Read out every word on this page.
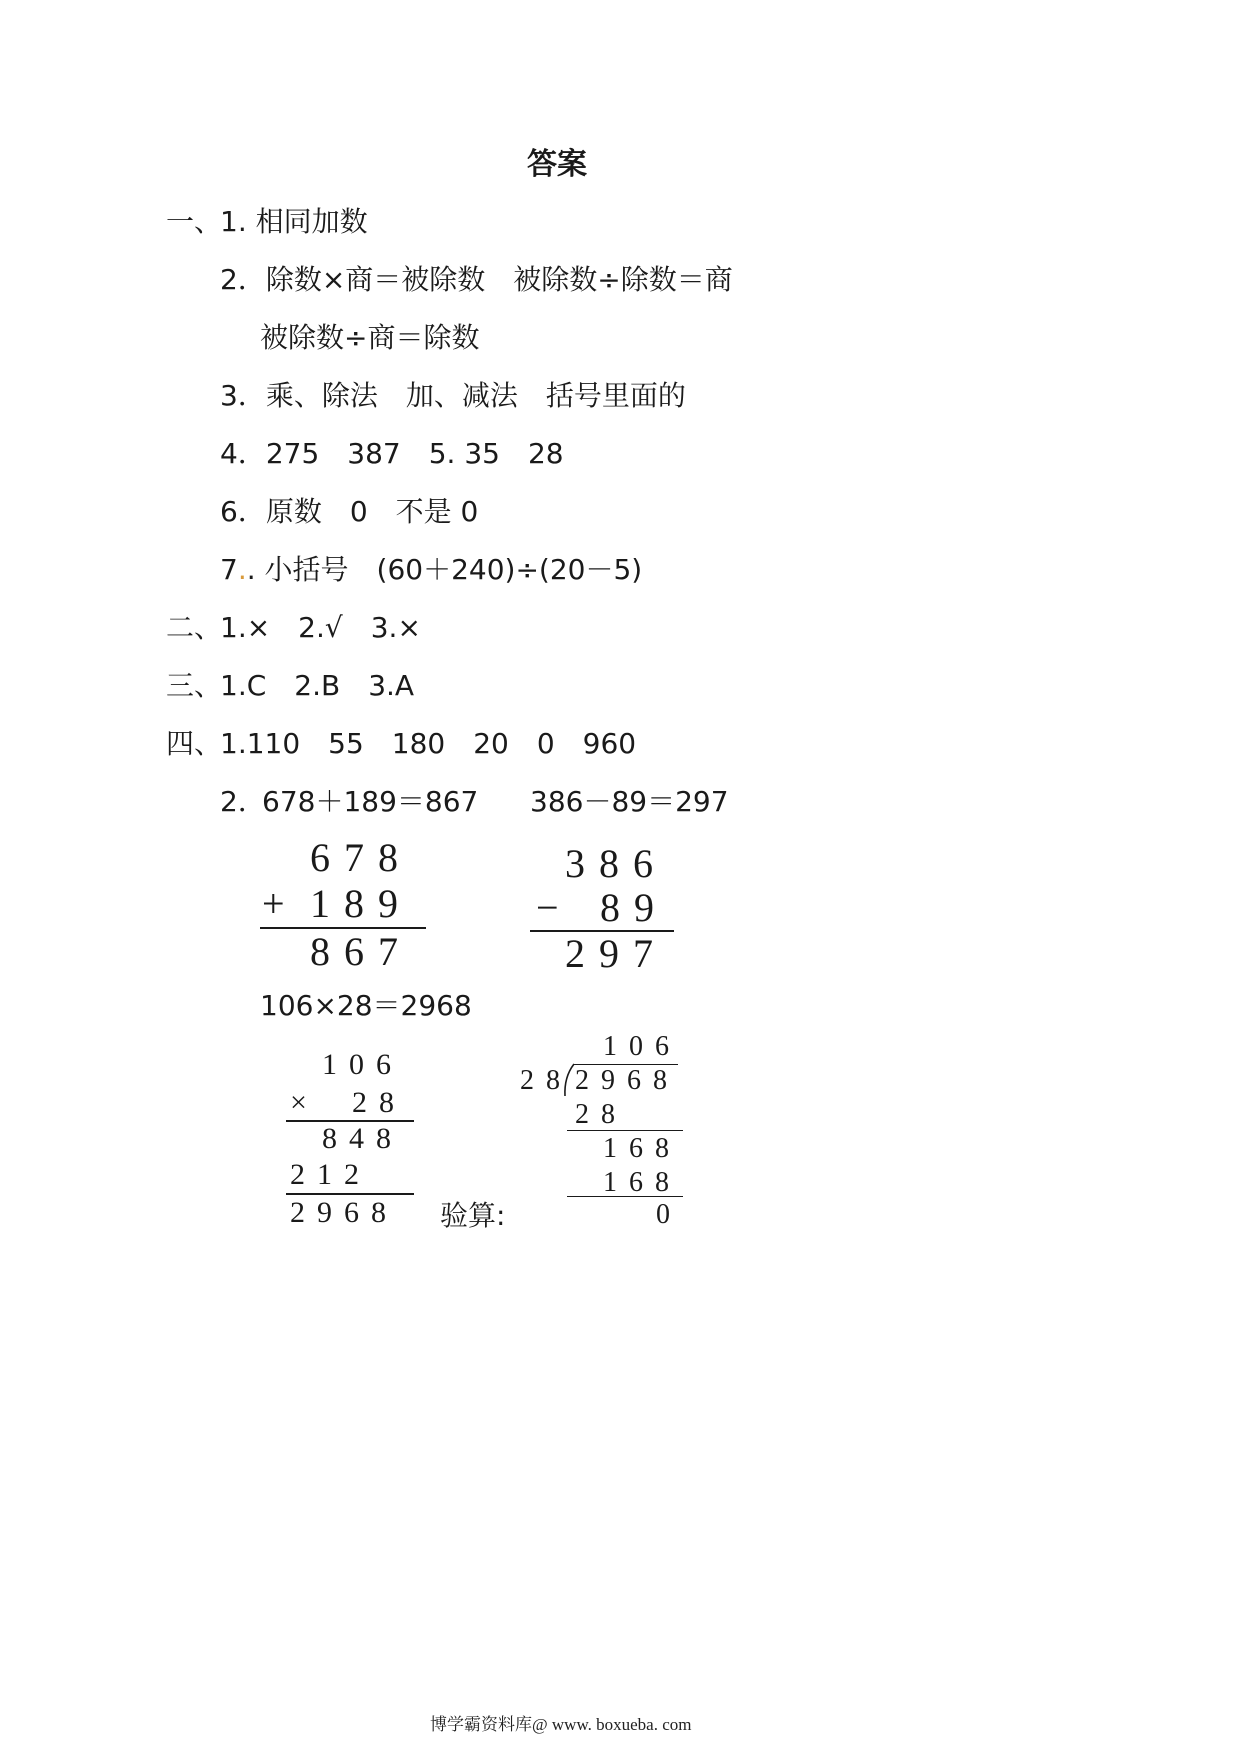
答案
一、
1. 相同加数
2．除数×商＝被除数　被除数÷除数＝商
被除数÷商＝除数
3．乘、除法　加、减法　括号里面的
4．275　387　5. 35　28
6．原数　0　不是 0
7.. 小括号　(60＋240)÷(20－5)
二、
1.×　2.√　3.×
三、
1.C　2.B　3.A
四、
1.110　55　180　20　0　960
2．
678＋189＝867 386－89＝297
678
+ 189
867
386
− 89
297
106×28＝2968
106
× 28
848
212
2968 验算:
106
28 2968
28
168
168
0
博学霸资料库@ www. boxueba. com
